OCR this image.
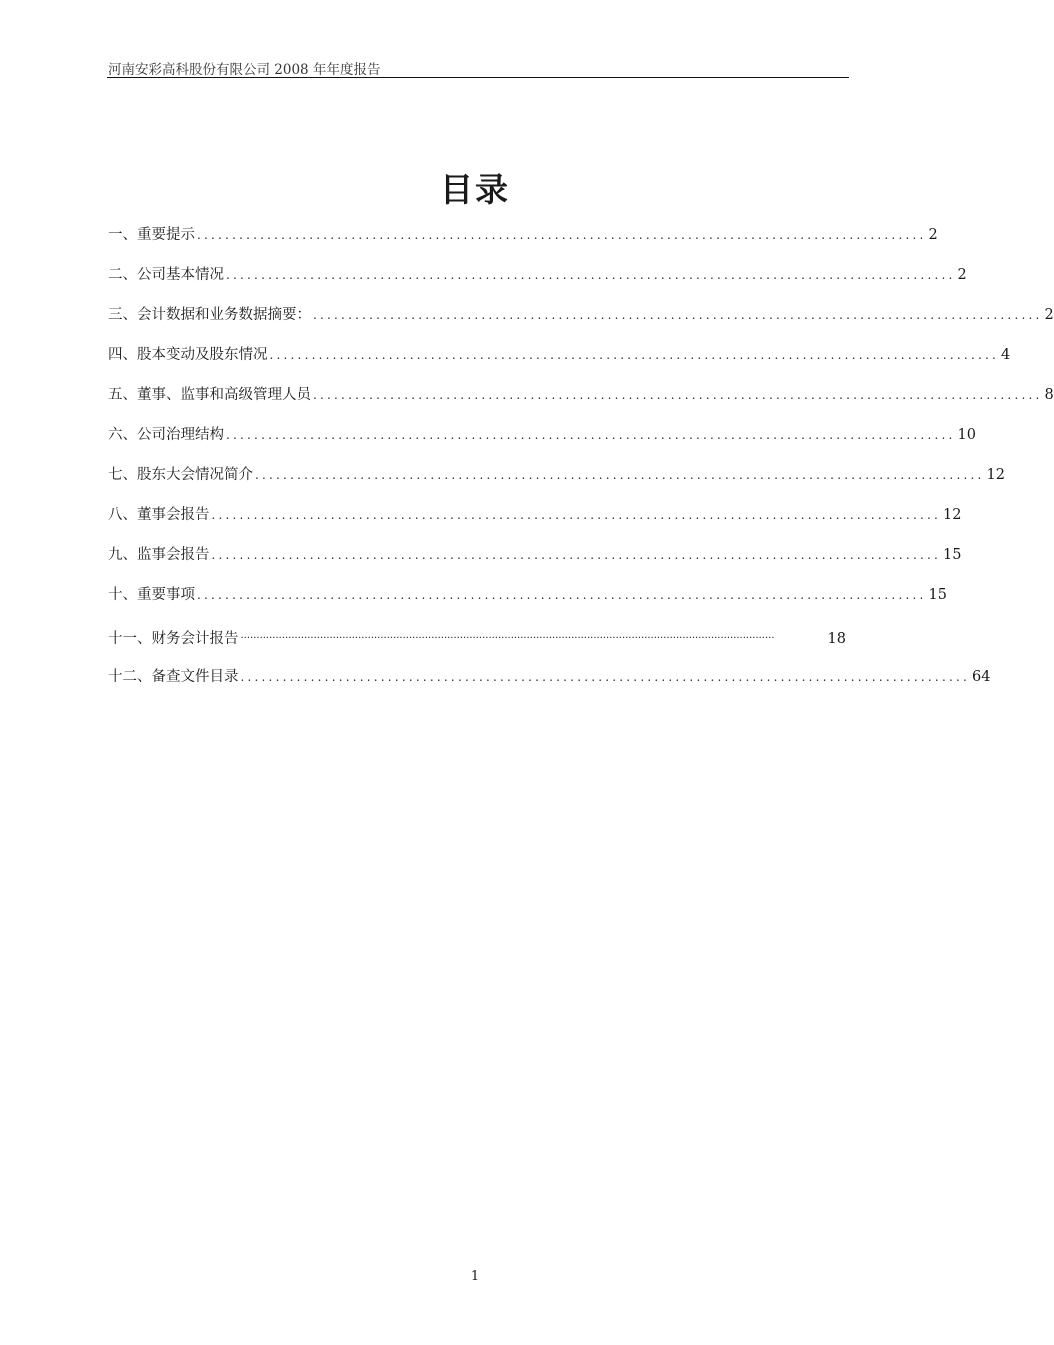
河南安彩高科股份有限公司 2008 年年度报告
目录
一、重要提示 ........................................................................................................ 2
二、公司基本情况 ........................................................................................................ 2
三、会计数据和业务数据摘要： ........................................................................................................ 2
四、股本变动及股东情况 ........................................................................................................ 4
五、董事、监事和高级管理人员 ........................................................................................................ 8
六、公司治理结构 ........................................................................................................ 10
七、股东大会情况简介 ........................................................................................................ 12
八、董事会报告 ........................................................................................................ 12
九、监事会报告 ........................................................................................................ 15
十、重要事项 ........................................................................................................ 15
十一、财务会计报告 ········································································································································································	18
十二、备查文件目录 ........................................................................................................ 64
1
